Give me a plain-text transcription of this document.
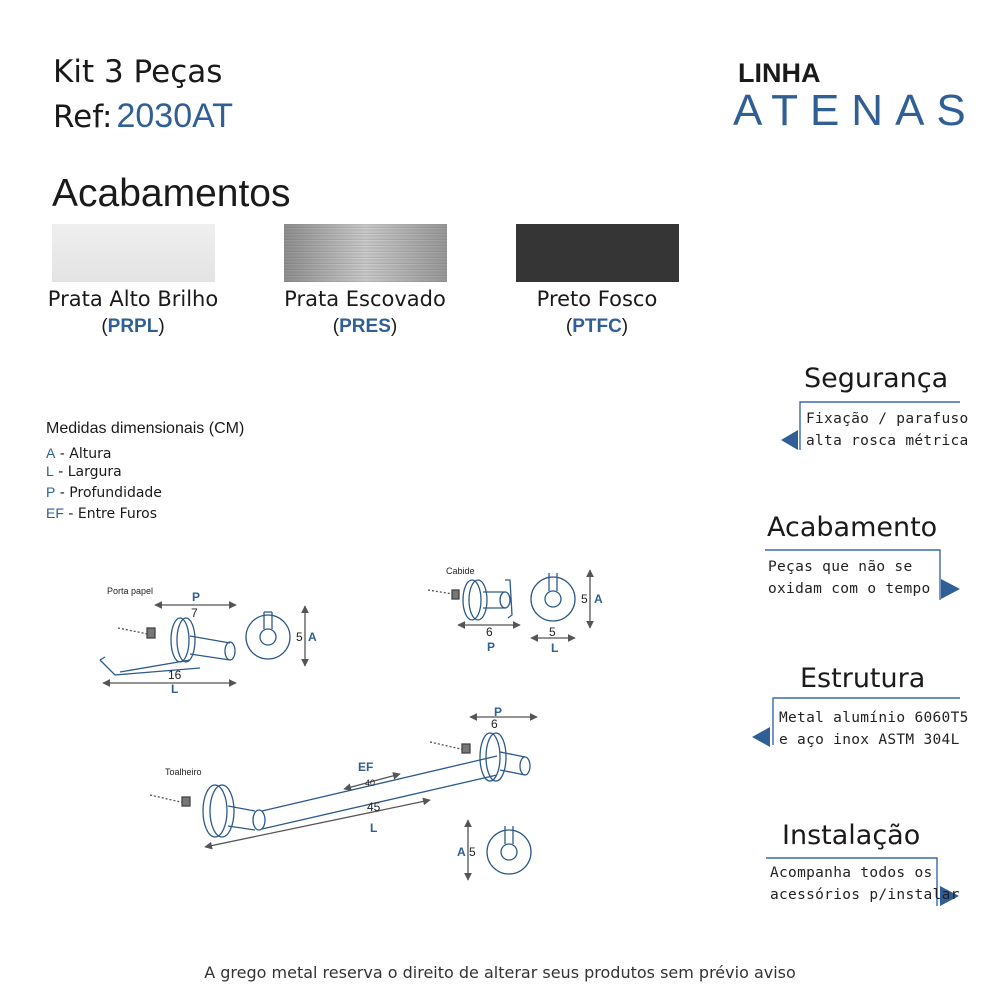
Kit 3 Peças
Ref: 2030AT
LINHA
ATENAS
Acabamentos
Prata Alto Brilho	Prata Escovado	Preto Fosco
(PRPL)	(PRES)	(PTFC)
Medidas dimensionais (CM)
A - Altura
L - Largura
P - Profundidade
EF - Entre Furos
Porta papel	P
7
16
L
5 A
Cabide
6
P
5 A
5
L
Toalheiro
P
6
EF
40
45
L
A 5
Segurança
Fixação / parafuso
alta rosca métrica
Acabamento
Peças que não se
oxidam com o tempo
Estrutura
Metal alumínio 6060T5
e aço inox ASTM 304L
Instalação
Acompanha todos os
acessórios p/instalar
A grego metal reserva o direito de alterar seus produtos sem prévio aviso
